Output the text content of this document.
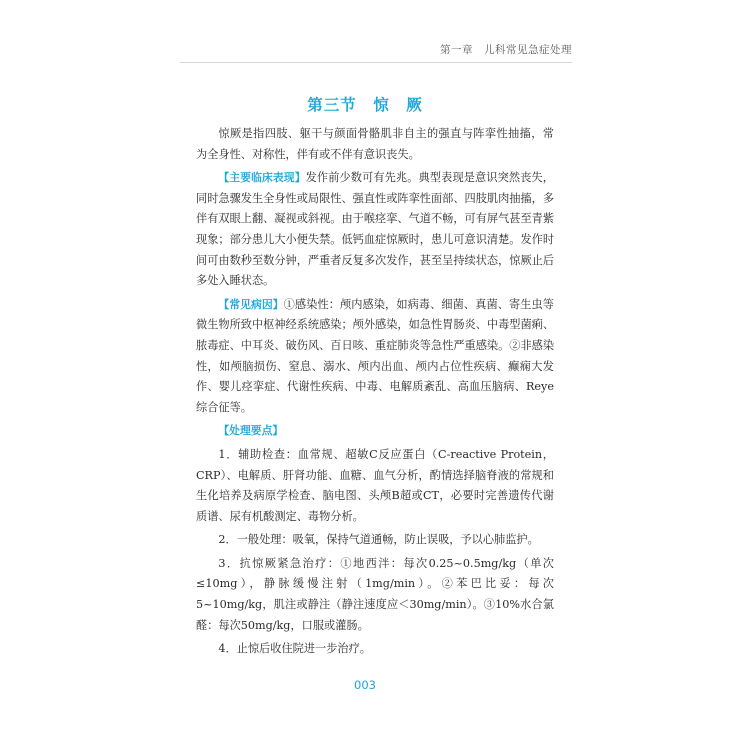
第一章　儿科常见急症处理
第三节　惊　厥

惊厥是指四肢、躯干与颜面骨骼肌非自主的强直与阵挛性抽搐，常为全身性、对称性，伴有或不伴有意识丧失。

【主要临床表现】发作前少数可有先兆。典型表现是意识突然丧失，同时急骤发生全身性或局限性、强直性或阵挛性面部、四肢肌肉抽搐，多伴有双眼上翻、凝视或斜视。由于喉痉挛、气道不畅，可有屏气甚至青紫现象；部分患儿大小便失禁。低钙血症惊厥时，患儿可意识清楚。发作时间可由数秒至数分钟，严重者反复多次发作，甚至呈持续状态，惊厥止后多处入睡状态。

【常见病因】①感染性：颅内感染，如病毒、细菌、真菌、寄生虫等微生物所致中枢神经系统感染；颅外感染，如急性胃肠炎、中毒型菌痢、脓毒症、中耳炎、破伤风、百日咳、重症肺炎等急性严重感染。②非感染性，如颅脑损伤、窒息、溺水、颅内出血、颅内占位性疾病、癫痫大发作、婴儿痉挛症、代谢性疾病、中毒、电解质紊乱、高血压脑病、Reye综合征等。

【处理要点】

1．辅助检查：血常规、超敏C反应蛋白（C-reactive Protein，CRP）、电解质、肝肾功能、血糖、血气分析，酌情选择脑脊液的常规和生化培养及病原学检查、脑电图、头颅B超或CT，必要时完善遗传代谢质谱、尿有机酸测定、毒物分析。

2．一般处理：吸氧，保持气道通畅，防止误吸，予以心肺监护。

3．抗惊厥紧急治疗：①地西泮：每次0.25~0.5mg/kg（单次≤10mg），静脉缓慢注射（1mg/min）。②苯巴比妥：每次5~10mg/kg，肌注或静注（静注速度应＜30mg/min）。③10%水合氯醛：每次50mg/kg，口服或灌肠。

4．止惊后收住院进一步治疗。

003
